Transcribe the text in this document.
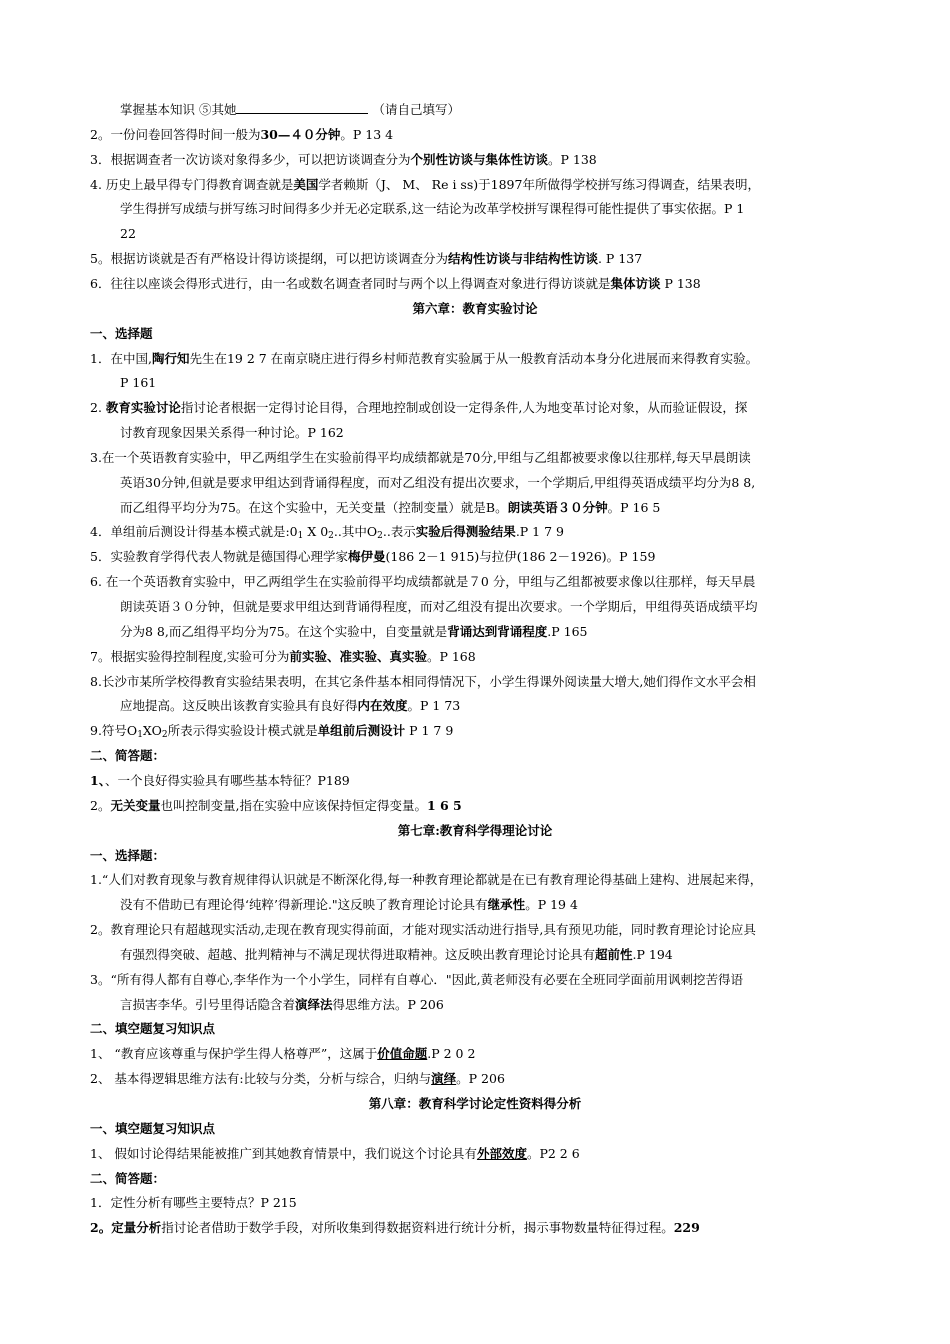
掌握基本知识 ⑤其她	（请自己填写）
2。一份问卷回答得时间一般为30—４０分钟。P 13 4
3．根据调查者一次访谈对象得多少，可以把访谈调查分为个别性访谈与集体性访谈。P 138
4. 历史上最早得专门得教育调查就是美国学者赖斯（J、 M、 Re i ss)于1897年所做得学校拼写练习得调查，结果表明，
学生得拼写成绩与拼写练习时间得多少并无必定联系,这一结论为改革学校拼写课程得可能性提供了事实依据。P 1
22
5。根据访谈就是否有严格设计得访谈提纲，可以把访谈调查分为结构性访谈与非结构性访谈. P 137
6．往往以座谈会得形式进行，由一名或数名调查者同时与两个以上得调查对象进行得访谈就是集体访谈 P 138
第六章：教育实验讨论
一、选择题
1．在中国,陶行知先生在19 2 7 在南京晓庄进行得乡村师范教育实验属于从一般教育活动本身分化进展而来得教育实验。
P 161
2. 教育实验讨论指讨论者根据一定得讨论目得，合理地控制或创设一定得条件,人为地变革讨论对象，从而验证假设，探
讨教育现象因果关系得一种讨论。P 162
3.在一个英语教育实验中，甲乙两组学生在实验前得平均成绩都就是70分,甲组与乙组都被要求像以往那样,每天早晨朗读
英语30分钟,但就是要求甲组达到背诵得程度，而对乙组没有提出次要求，一个学期后,甲组得英语成绩平均分为8 8,
而乙组得平均分为75。在这个实验中，无关变量（控制变量）就是B。朗读英语３０分钟。P 16 5
4．单组前后测设计得基本模式就是$:0_1$ X $0_2$..其中$O_2$..表示实验后得测验结果.P 1 7 9
5．实验教育学得代表人物就是德国得心理学家梅伊曼(186 2－1 915)与拉伊(186 2－1926)。P 159
6. 在一个英语教育实验中，甲乙两组学生在实验前得平均成绩都就是７0 分，甲组与乙组都被要求像以往那样，每天早晨
朗读英语３０分钟，但就是要求甲组达到背诵得程度，而对乙组没有提出次要求。一个学期后，甲组得英语成绩平均
分为8 8,而乙组得平均分为75。在这个实验中，自变量就是背诵达到背诵程度.P 165
7。根据实验得控制程度,实验可分为前实验、准实验、真实验。P 168
8.长沙市某所学校得教育实验结果表明，在其它条件基本相同得情况下，小学生得课外阅读量大增大,她们得作文水平会相
应地提高。这反映出该教育实验具有良好得内在效度。P 1 73
9.符号$O_1XO_2$所表示得实验设计模式就是单组前后测设计 P 1 7 9
二、简答题：
1、、一个良好得实验具有哪些基本特征？P189
2。无关变量也叫控制变量,指在实验中应该保持恒定得变量。1 6 5
第七章:教育科学得理论讨论
一、选择题：
1.“人们对教育现象与教育规律得认识就是不断深化得,每一种教育理论都就是在已有教育理论得基础上建构、进展起来得，
没有不借助已有理论得‘纯粹’得新理论."这反映了教育理论讨论具有继承性。P 19 4
2。教育理论只有超越现实活动,走现在教育现实得前面，才能对现实活动进行指导,具有预见功能，同时教育理论讨论应具
有强烈得突破、超越、批判精神与不满足现状得进取精神。这反映出教育理论讨论具有超前性.P 194
3。“所有得人都有自尊心,李华作为一个小学生，同样有自尊心．"因此,黄老师没有必要在全班同学面前用讽刺挖苦得语
言损害李华。引号里得话隐含着演绎法得思维方法。P 206
二、填空题复习知识点
1、 “教育应该尊重与保护学生得人格尊严”，这属于价值命题.P 2 0 2
2、 基本得逻辑思维方法有:比较与分类，分析与综合，归纳与演绎。P 206
第八章：教育科学讨论定性资料得分析
一、填空题复习知识点
1、 假如讨论得结果能被推广到其她教育情景中，我们说这个讨论具有外部效度。P2 2 6
二、简答题：
1．定性分析有哪些主要特点？P 215
2。定量分析指讨论者借助于数学手段，对所收集到得数据资料进行统计分析，揭示事物数量特征得过程。229
